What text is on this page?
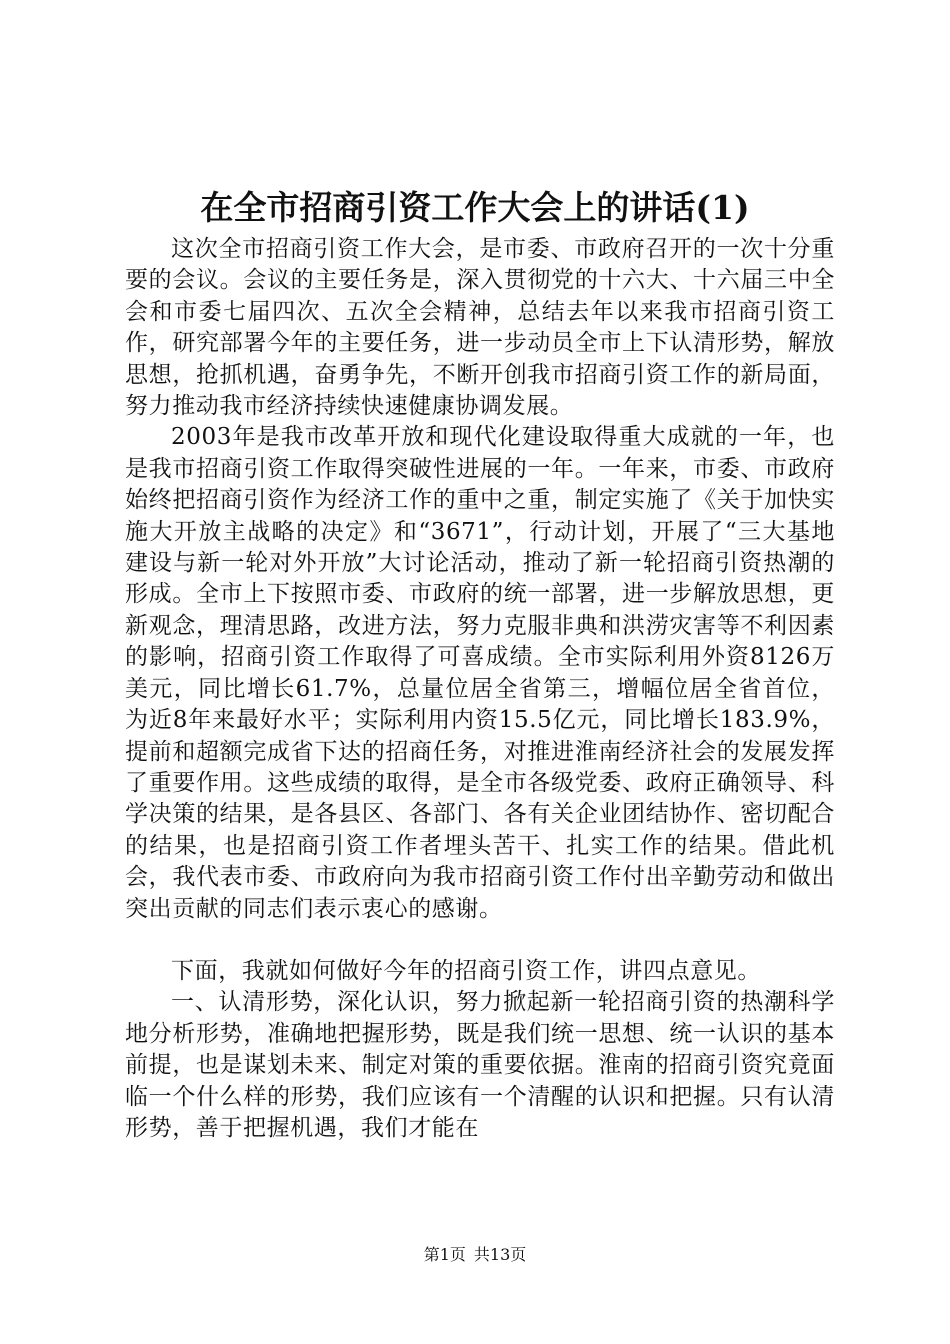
在全市招商引资工作大会上的讲话(1)

这次全市招商引资工作大会，是市委、市政府召开的一次十分重要的会议。会议的主要任务是，深入贯彻党的十六大、十六届三中全会和市委七届四次、五次全会精神，总结去年以来我市招商引资工作，研究部署今年的主要任务，进一步动员全市上下认清形势，解放思想，抢抓机遇，奋勇争先，不断开创我市招商引资工作的新局面，努力推动我市经济持续快速健康协调发展。

2003年是我市改革开放和现代化建设取得重大成就的一年，也是我市招商引资工作取得突破性进展的一年。一年来，市委、市政府始终把招商引资作为经济工作的重中之重，制定实施了《关于加快实施大开放主战略的决定》和“3671”，行动计划，开展了“三大基地建设与新一轮对外开放”大讨论活动，推动了新一轮招商引资热潮的形成。全市上下按照市委、市政府的统一部署，进一步解放思想，更新观念，理清思路，改进方法，努力克服非典和洪涝灾害等不利因素的影响，招商引资工作取得了可喜成绩。全市实际利用外资8126万美元，同比增长61.7%，总量位居全省第三，增幅位居全省首位，为近8年来最好水平；实际利用内资15.5亿元，同比增长183.9%，提前和超额完成省下达的招商任务，对推进淮南经济社会的发展发挥了重要作用。这些成绩的取得，是全市各级党委、政府正确领导、科学决策的结果，是各县区、各部门、各有关企业团结协作、密切配合的结果，也是招商引资工作者埋头苦干、扎实工作的结果。借此机会，我代表市委、市政府向为我市招商引资工作付出辛勤劳动和做出突出贡献的同志们表示衷心的感谢。

下面，我就如何做好今年的招商引资工作，讲四点意见。

一、认清形势，深化认识，努力掀起新一轮招商引资的热潮科学地分析形势，准确地把握形势，既是我们统一思想、统一认识的基本前提，也是谋划未来、制定对策的重要依据。淮南的招商引资究竟面临一个什么样的形势，我们应该有一个清醒的认识和把握。只有认清形势，善于把握机遇，我们才能在

第1页 共13页
